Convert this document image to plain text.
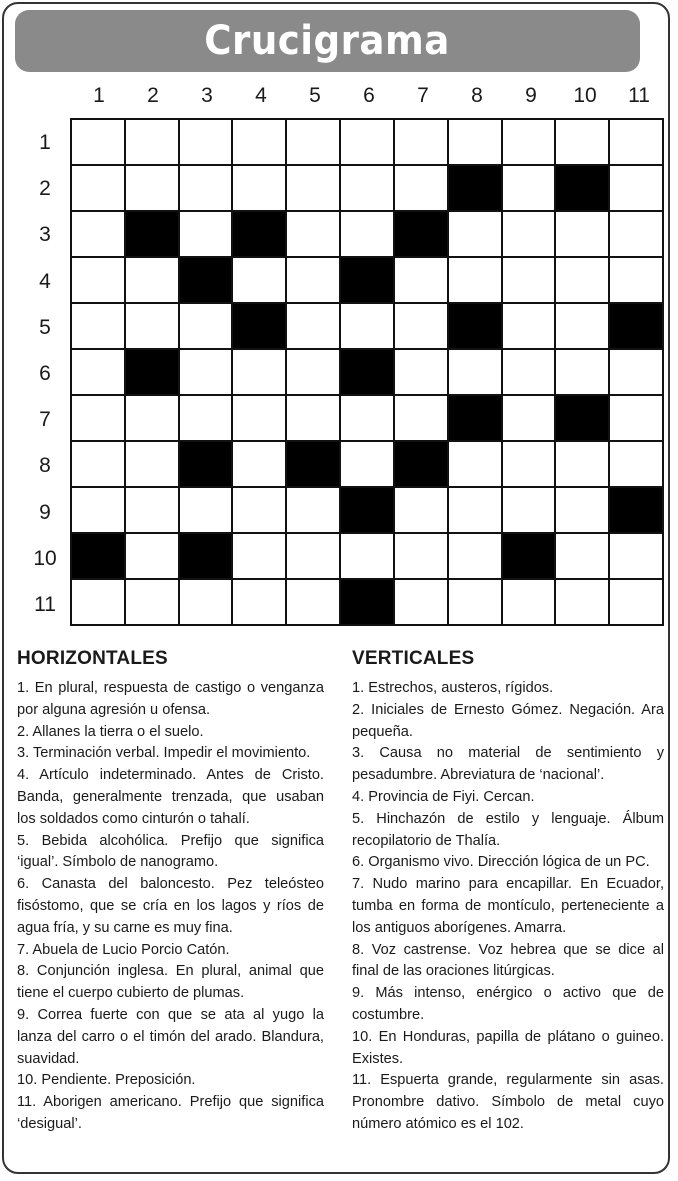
Crucigrama
1	2	3	4	5	6	7	8	9	10	11
1
2
3
4
5
6
7
8
9
10
11
HORIZONTALES
1. En plural, respuesta de castigo o venganza por alguna agresión u ofensa.
2. Allanes la tierra o el suelo.
3. Terminación verbal. Impedir el movimiento.
4. Artículo indeterminado. Antes de Cristo. Banda, generalmente trenzada, que usaban los soldados como cinturón o tahalí.
5. Bebida alcohólica. Prefijo que significa ‘igual’. Símbolo de nanogramo.
6. Canasta del baloncesto. Pez teleósteo fisóstomo, que se cría en los lagos y ríos de agua fría, y su carne es muy fina.
7. Abuela de Lucio Porcio Catón.
8. Conjunción inglesa. En plural, animal que tiene el cuerpo cubierto de plumas.
9. Correa fuerte con que se ata al yugo la lanza del carro o el timón del arado. Blandura, suavidad.
10. Pendiente. Preposición.
11. Aborigen americano. Prefijo que significa ‘desigual’.
VERTICALES
1. Estrechos, austeros, rígidos.
2. Iniciales de Ernesto Gómez. Negación. Ara pequeña.
3. Causa no material de sentimiento y pesadumbre. Abreviatura de ‘nacional’.
4. Provincia de Fiyi. Cercan.
5. Hinchazón de estilo y lenguaje. Álbum recopilatorio de Thalía.
6. Organismo vivo. Dirección lógica de un PC.
7. Nudo marino para encapillar. En Ecuador, tumba en forma de montículo, perteneciente a los antiguos aborígenes. Amarra.
8. Voz castrense. Voz hebrea que se dice al final de las oraciones litúrgicas.
9. Más intenso, enérgico o activo que de costumbre.
10. En Honduras, papilla de plátano o guineo. Existes.
11. Espuerta grande, regularmente sin asas. Pronombre dativo. Símbolo de metal cuyo número atómico es el 102.
